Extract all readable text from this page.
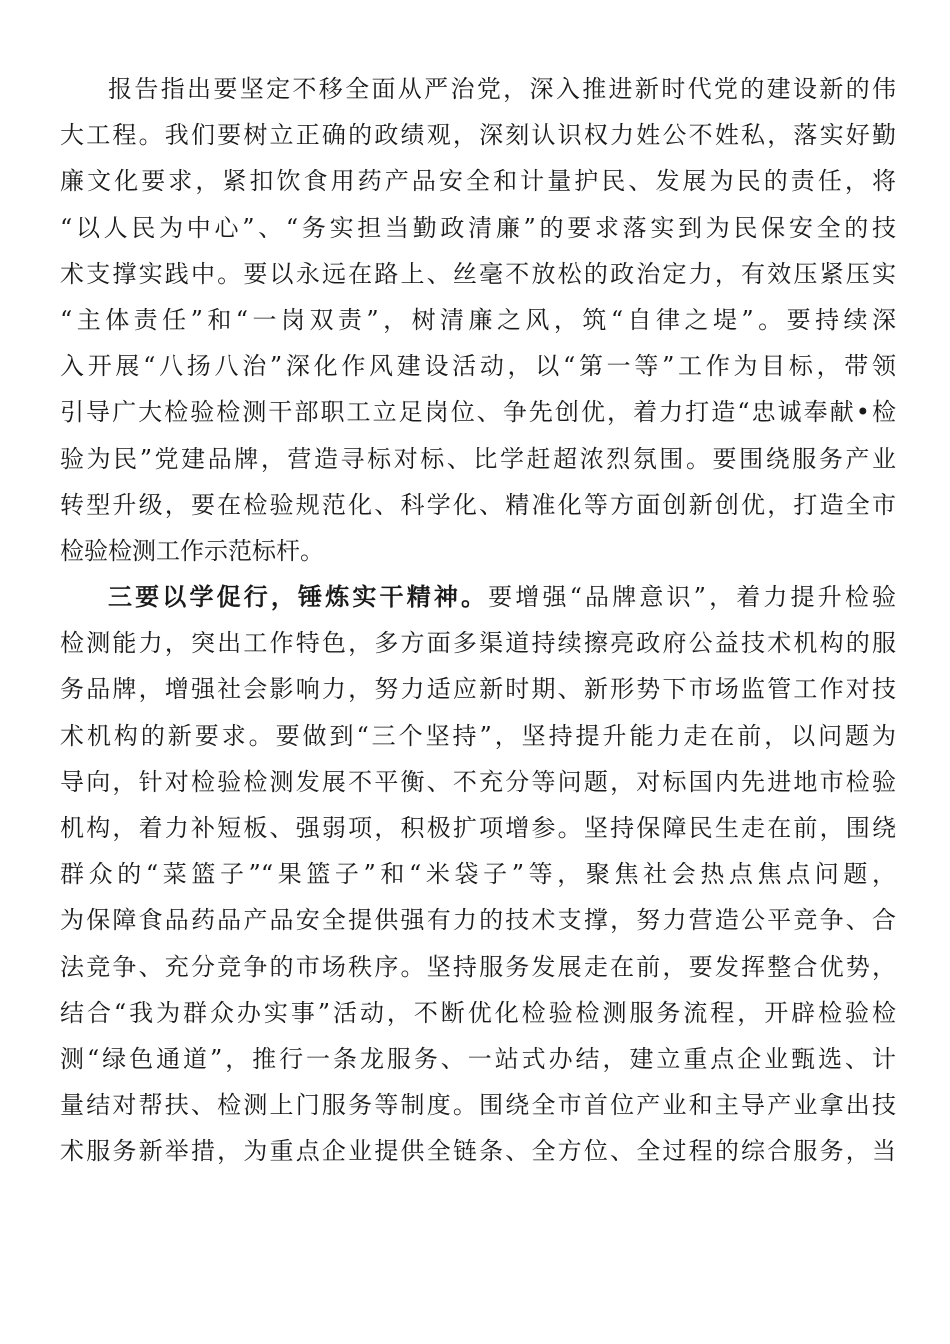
报告指出要坚定不移全面从严治党，深入推进新时代党的建设新的伟
大工程。我们要树立正确的政绩观，深刻认识权力姓公不姓私，落实好勤
廉文化要求，紧扣饮食用药产品安全和计量护民、发展为民的责任，将
“以人民为中心”、“务实担当勤政清廉”的要求落实到为民保安全的技
术支撑实践中。要以永远在路上、丝毫不放松的政治定力，有效压紧压实
“主体责任”和“一岗双责”，树清廉之风，筑“自律之堤”。要持续深
入开展“八扬八治”深化作风建设活动，以“第一等”工作为目标，带领
引导广大检验检测干部职工立足岗位、争先创优，着力打造“忠诚奉献•检
验为民”党建品牌，营造寻标对标、比学赶超浓烈氛围。要围绕服务产业
转型升级，要在检验规范化、科学化、精准化等方面创新创优，打造全市
检验检测工作示范标杆。
三要以学促行，锤炼实干精神。要增强“品牌意识”，着力提升检验
检测能力，突出工作特色，多方面多渠道持续擦亮政府公益技术机构的服
务品牌，增强社会影响力，努力适应新时期、新形势下市场监管工作对技
术机构的新要求。要做到“三个坚持”，坚持提升能力走在前，以问题为
导向，针对检验检测发展不平衡、不充分等问题，对标国内先进地市检验
机构，着力补短板、强弱项，积极扩项增参。坚持保障民生走在前，围绕
群众的“菜篮子”“果篮子”和“米袋子”等，聚焦社会热点焦点问题，
为保障食品药品产品安全提供强有力的技术支撑，努力营造公平竞争、合
法竞争、充分竞争的市场秩序。坚持服务发展走在前，要发挥整合优势，
结合“我为群众办实事”活动，不断优化检验检测服务流程，开辟检验检
测“绿色通道”，推行一条龙服务、一站式办结，建立重点企业甄选、计
量结对帮扶、检测上门服务等制度。围绕全市首位产业和主导产业拿出技
术服务新举措，为重点企业提供全链条、全方位、全过程的综合服务，当
